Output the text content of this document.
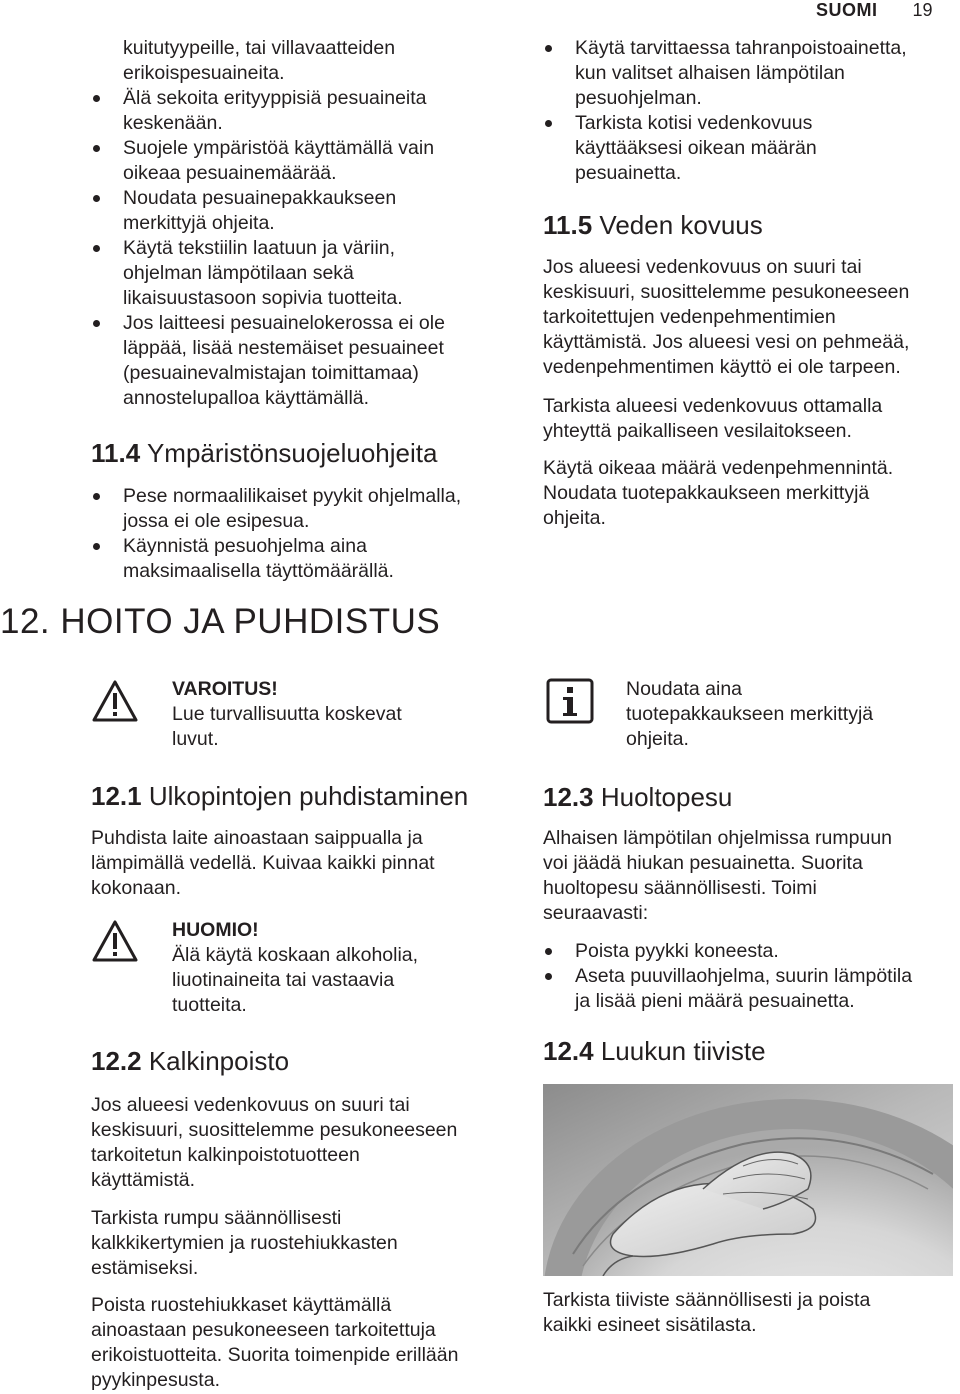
SUOMI 19
kuitutyypeille, tai villavaatteiden
erikoispesuaineita.
Älä sekoita erityyppisiä pesuaineita
keskenään.
Suojele ympäristöä käyttämällä vain
oikeaa pesuainemäärää.
Noudata pesuainepakkaukseen
merkittyjä ohjeita.
Käytä tekstiilin laatuun ja väriin,
ohjelman lämpötilaan sekä
likaisuustasoon sopivia tuotteita.
Jos laitteesi pesuainelokerossa ei ole
läppää, lisää nestemäiset pesuaineet
(pesuainevalmistajan toimittamaa)
annostelupalloa käyttämällä.
11.4 Ympäristönsuojeluohjeita
Pese normaalilikaiset pyykit ohjelmalla,
jossa ei ole esipesua.
Käynnistä pesuohjelma aina
maksimaalisella täyttömäärällä.
12. HOITO JA PUHDISTUS
VAROITUS!
Lue turvallisuutta koskevat
luvut.
12.1 Ulkopintojen puhdistaminen
Puhdista laite ainoastaan saippualla ja
lämpimällä vedellä. Kuivaa kaikki pinnat
kokonaan.
HUOMIO!
Älä käytä koskaan alkoholia,
liuotinaineita tai vastaavia
tuotteita.
12.2 Kalkinpoisto
Jos alueesi vedenkovuus on suuri tai
keskisuuri, suosittelemme pesukoneeseen
tarkoitetun kalkinpoistotuotteen
käyttämistä.
Tarkista rumpu säännöllisesti
kalkkikertymien ja ruostehiukkasten
estämiseksi.
Poista ruostehiukkaset käyttämällä
ainoastaan pesukoneeseen tarkoitettuja
erikoistuotteita. Suorita toimenpide erillään
pyykinpesusta.
Käytä tarvittaessa tahranpoistoainetta,
kun valitset alhaisen lämpötilan
pesuohjelman.
Tarkista kotisi vedenkovuus
käyttääksesi oikean määrän
pesuainetta.
11.5 Veden kovuus
Jos alueesi vedenkovuus on suuri tai
keskisuuri, suosittelemme pesukoneeseen
tarkoitettujen vedenpehmentimien
käyttämistä. Jos alueesi vesi on pehmeää,
vedenpehmentimen käyttö ei ole tarpeen.
Tarkista alueesi vedenkovuus ottamalla
yhteyttä paikalliseen vesilaitokseen.
Käytä oikeaa määrä vedenpehmennintä.
Noudata tuotepakkaukseen merkittyjä
ohjeita.
Noudata aina
tuotepakkaukseen merkittyjä
ohjeita.
12.3 Huoltopesu
Alhaisen lämpötilan ohjelmissa rumpuun
voi jäädä hiukan pesuainetta. Suorita
huoltopesu säännöllisesti. Toimi
seuraavasti:
Poista pyykki koneesta.
Aseta puuvillaohjelma, suurin lämpötila
ja lisää pieni määrä pesuainetta.
12.4 Luukun tiiviste
Tarkista tiiviste säännöllisesti ja poista
kaikki esineet sisätilasta.
